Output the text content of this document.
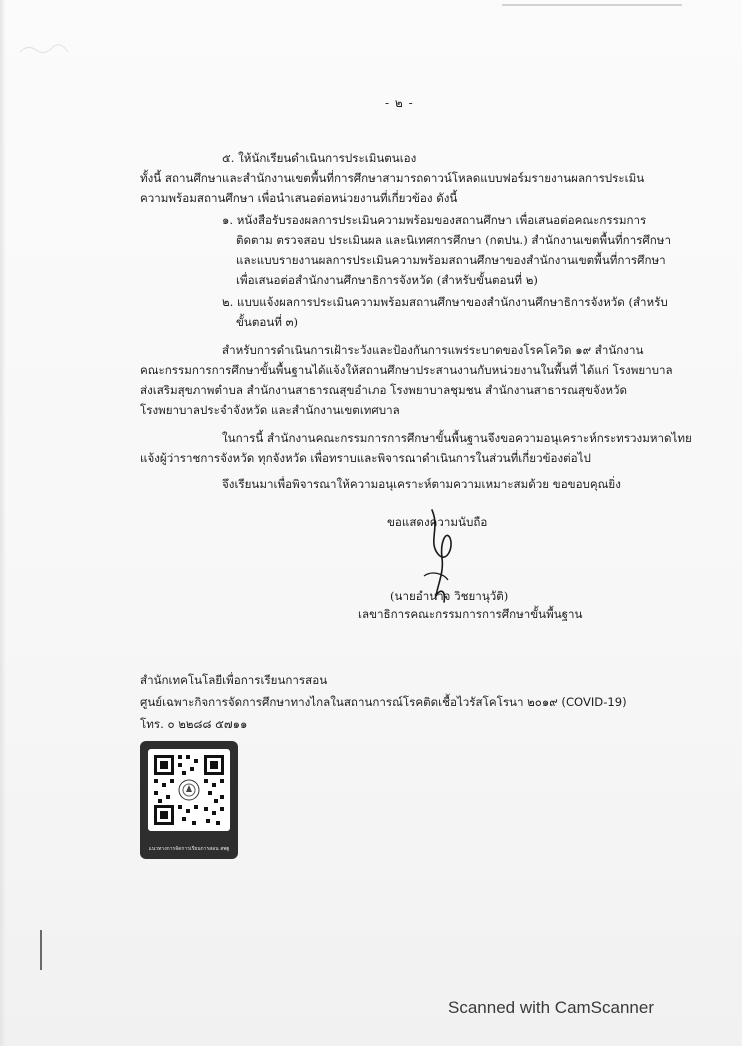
- ๒ -
๕. ให้นักเรียนดำเนินการประเมินตนเอง
ทั้งนี้ สถานศึกษาและสำนักงานเขตพื้นที่การศึกษาสามารถดาวน์โหลดแบบฟอร์มรายงานผลการประเมิน
ความพร้อมสถานศึกษา เพื่อนำเสนอต่อหน่วยงานที่เกี่ยวข้อง ดังนี้
๑. หนังสือรับรองผลการประเมินความพร้อมของสถานศึกษา เพื่อเสนอต่อคณะกรรมการ
ติดตาม ตรวจสอบ ประเมินผล และนิเทศการศึกษา (กตปน.) สำนักงานเขตพื้นที่การศึกษา
และแบบรายงานผลการประเมินความพร้อมสถานศึกษาของสำนักงานเขตพื้นที่การศึกษา
เพื่อเสนอต่อสำนักงานศึกษาธิการจังหวัด (สำหรับขั้นตอนที่ ๒)
๒. แบบแจ้งผลการประเมินความพร้อมสถานศึกษาของสำนักงานศึกษาธิการจังหวัด (สำหรับ
ขั้นตอนที่ ๓)
สำหรับการดำเนินการเฝ้าระวังและป้องกันการแพร่ระบาดของโรคโควิด ๑๙ สำนักงาน
คณะกรรมการการศึกษาขั้นพื้นฐานได้แจ้งให้สถานศึกษาประสานงานกับหน่วยงานในพื้นที่ ได้แก่ โรงพยาบาล
ส่งเสริมสุขภาพตำบล สำนักงานสาธารณสุขอำเภอ โรงพยาบาลชุมชน สำนักงานสาธารณสุขจังหวัด
โรงพยาบาลประจำจังหวัด และสำนักงานเขตเทศบาล
ในการนี้ สำนักงานคณะกรรมการการศึกษาขั้นพื้นฐานจึงขอความอนุเคราะห์กระทรวงมหาดไทย
แจ้งผู้ว่าราชการจังหวัด ทุกจังหวัด เพื่อทราบและพิจารณาดำเนินการในส่วนที่เกี่ยวข้องต่อไป
จึงเรียนมาเพื่อพิจารณาให้ความอนุเคราะห์ตามความเหมาะสมด้วย ขอขอบคุณยิ่ง
ขอแสดงความนับถือ
(นายอำนาจ วิชยานุวัติ)
เลขาธิการคณะกรรมการการศึกษาขั้นพื้นฐาน
สำนักเทคโนโลยีเพื่อการเรียนการสอน
ศูนย์เฉพาะกิจการจัดการศึกษาทางไกลในสถานการณ์โรคติดเชื้อไวรัสโคโรนา ๒๐๑๙ (COVID-19)
โทร. ๐ ๒๒๘๘ ๕๗๑๑
แนวทางการจัดการเรียนการสอน สพฐ
Scanned with CamScanner
